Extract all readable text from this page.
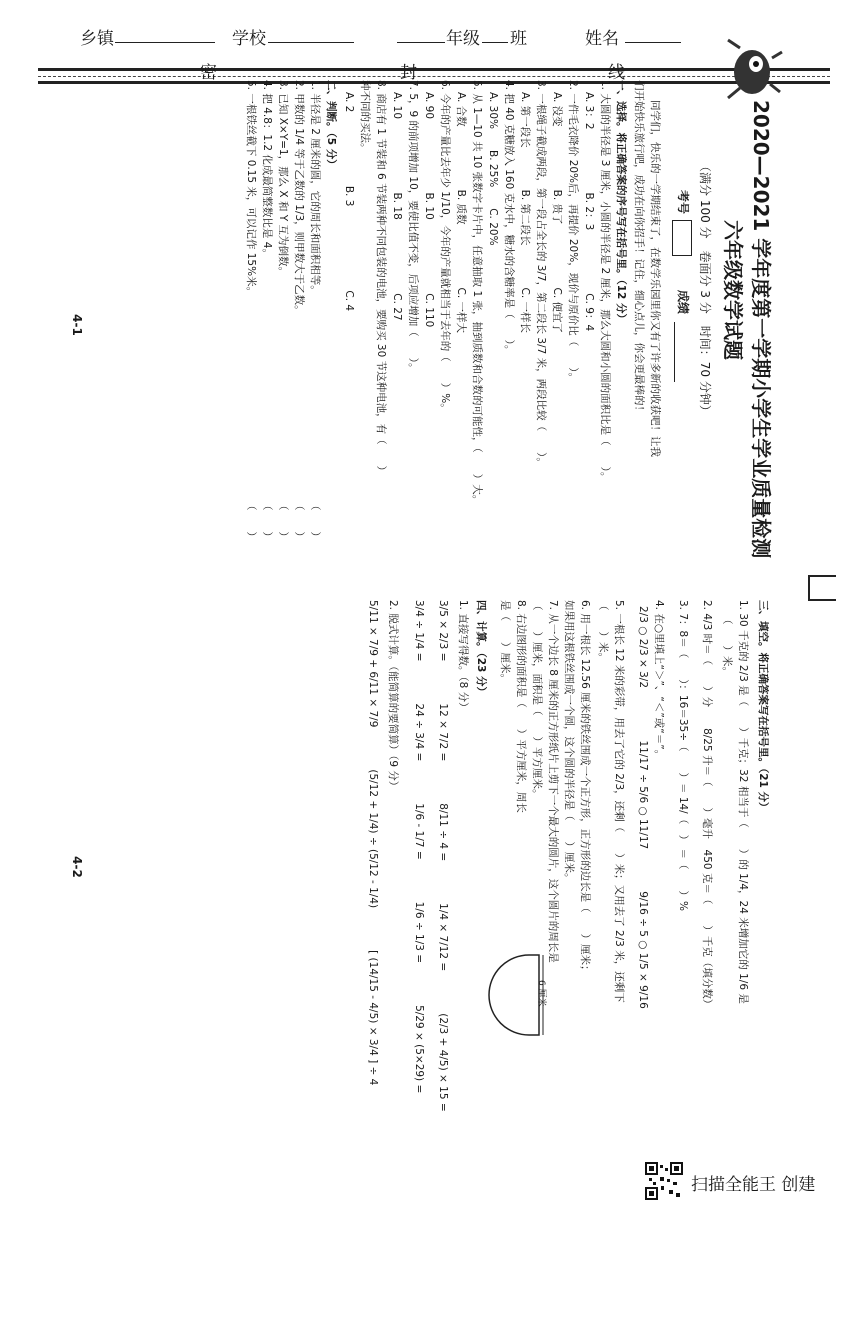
乡镇	学校	年级 班	姓名
密	封	线
2020—2021 学年度第一学期小学生学业质量检测
六年级数学试题
（满分 100 分　卷面分 3 分　时间：70 分钟）
考号
成绩
同学们，快乐的一学期结束了，在数学乐园里你又有了许多新的收获吧！让我
们开始快乐旅行吧，成功在向你招手！记住，细心点儿，你会更最棒的！
一、选择。将正确答案的序号写在括号里。（12 分）
1. 大圆的半径是 3 厘米，小圆的半径是 2 厘米，那么大圆和小圆的面积比是（　　）。
A. 3：2　　　　　　B. 2：3　　　　　　C. 9：4
2. 一件毛衣降价 20%后，再提价 20%，现价与原价比（　　）。
A. 没变　　　　　　B. 贵了　　　　　　C. 便宜了
3. 一根绳子截成两段，第一段占全长的 3/7，第二段长 3/7 米，两段比较（　　）。
A. 第一段长　　　　B. 第二段长　　　　C. 一样长
4. 把 40 克糖放入 160 克水中，糖水的含糖率是（　　）。
A. 30%　　B. 25%　　C. 20%
5. 从 1—10 共 10 张数字卡片中，任意抽取 1 张，抽到质数和合数的可能性，（　　）大。
A. 合数　　　　　　B. 质数　　　　　　C. 一样大
6. 今年的产量比去年少 1/10，今年的产量就相当于去年的（　　）%。
A. 90　　　　　　　B. 10　　　　　　　C. 110
7. 5，9 的前项增加 10，要使比值不变，后项应增加（　　）。
A. 10　　　　　　　B. 18　　　　　　　C. 27
8. 商店有 1 节装和 6 节装两种不同包装的电池，要购买 30 节这种电池，有（　　）
种不同的买法。
A. 2　　　　　　　B. 3　　　　　　　　C. 4
二、判断。（5 分）
1. 半径是 2 厘米的圆，它的周长和面积相等。
（　　）
2. 甲数的 1/4 等于乙数的 1/3，则甲数大于乙数。
（　　）
3. 已知 X×Y=1，那么 X 和 Y 互为倒数。
（　　）
4. 把 4.8：1.2 化成最简整数比是 4。
（　　）
5. 一根铁丝截下 0.15 米，可以记作 15%米。
（　　）
4-1
三、填空。将正确答案写在括号里。（21 分）
1. 30 千克的 2/3 是（　　）千克；32 相当于（　　）的 1/4，24 米增加它的 1/6 是
（　　）米。
2. 4/3 时＝（　　）分　　8/25 升＝（　　）毫升　450 克＝（　　）千克（填分数）
3. 7：8＝（　　）：16＝35÷（　　）＝ 14/（　） ＝（　　）%
4. 在○里填上“＞”、“＜”或“＝”。
2/3 ○ 2/3 × 3/2　　　　　11/17 ÷ 5/6 ○ 11/17　　　　9/16 ÷ 5 ○ 1/5 × 9/16
5. 一根长 12 米的彩带，用去了它的 2/3，还剩（　　）米；又用去了 2/3 米，还剩下
（　　）米。
6. 用一根长 12.56 厘米的铁丝围成一个正方形，正方形的边长是（　　）厘米；
如果用这根铁丝围成一个圆，这个圆的半径是（　　）厘米。
7. 从一个边长 8 厘米的正方形纸片上剪下一个最大的圆片，这个圆片的周长是
（　　）厘米，面积是（　　）平方厘米。
8. 右边图形的面积是（　　）平方厘米，周长
是（　　）厘米。
6 厘米
四、计算。（23 分）
1. 直接写得数。（8 分）
3/5 × 2/3 =　　　　12 × 7/2 =　　　　8/11 ÷ 4 =　　　　1/4 × 7/12 =　　　　(2/3 + 4/5) × 15 =
3/4 ÷ 1/4 =　　　　24 ÷ 3/4 =　　　　1/6 - 1/7 =　　　　1/6 ÷ 1/3 =　　　　5/29 × (5×29) =
2. 脱式计算。（能简算的要简算）（9 分）
5/11 × 7/9 + 6/11 × 7/9　　　　(5/12 + 1/4) ÷ (5/12 - 1/4)　　　　[ (14/15 - 4/5) × 3/4 ] ÷ 4
4-2
扫描全能王 创建
